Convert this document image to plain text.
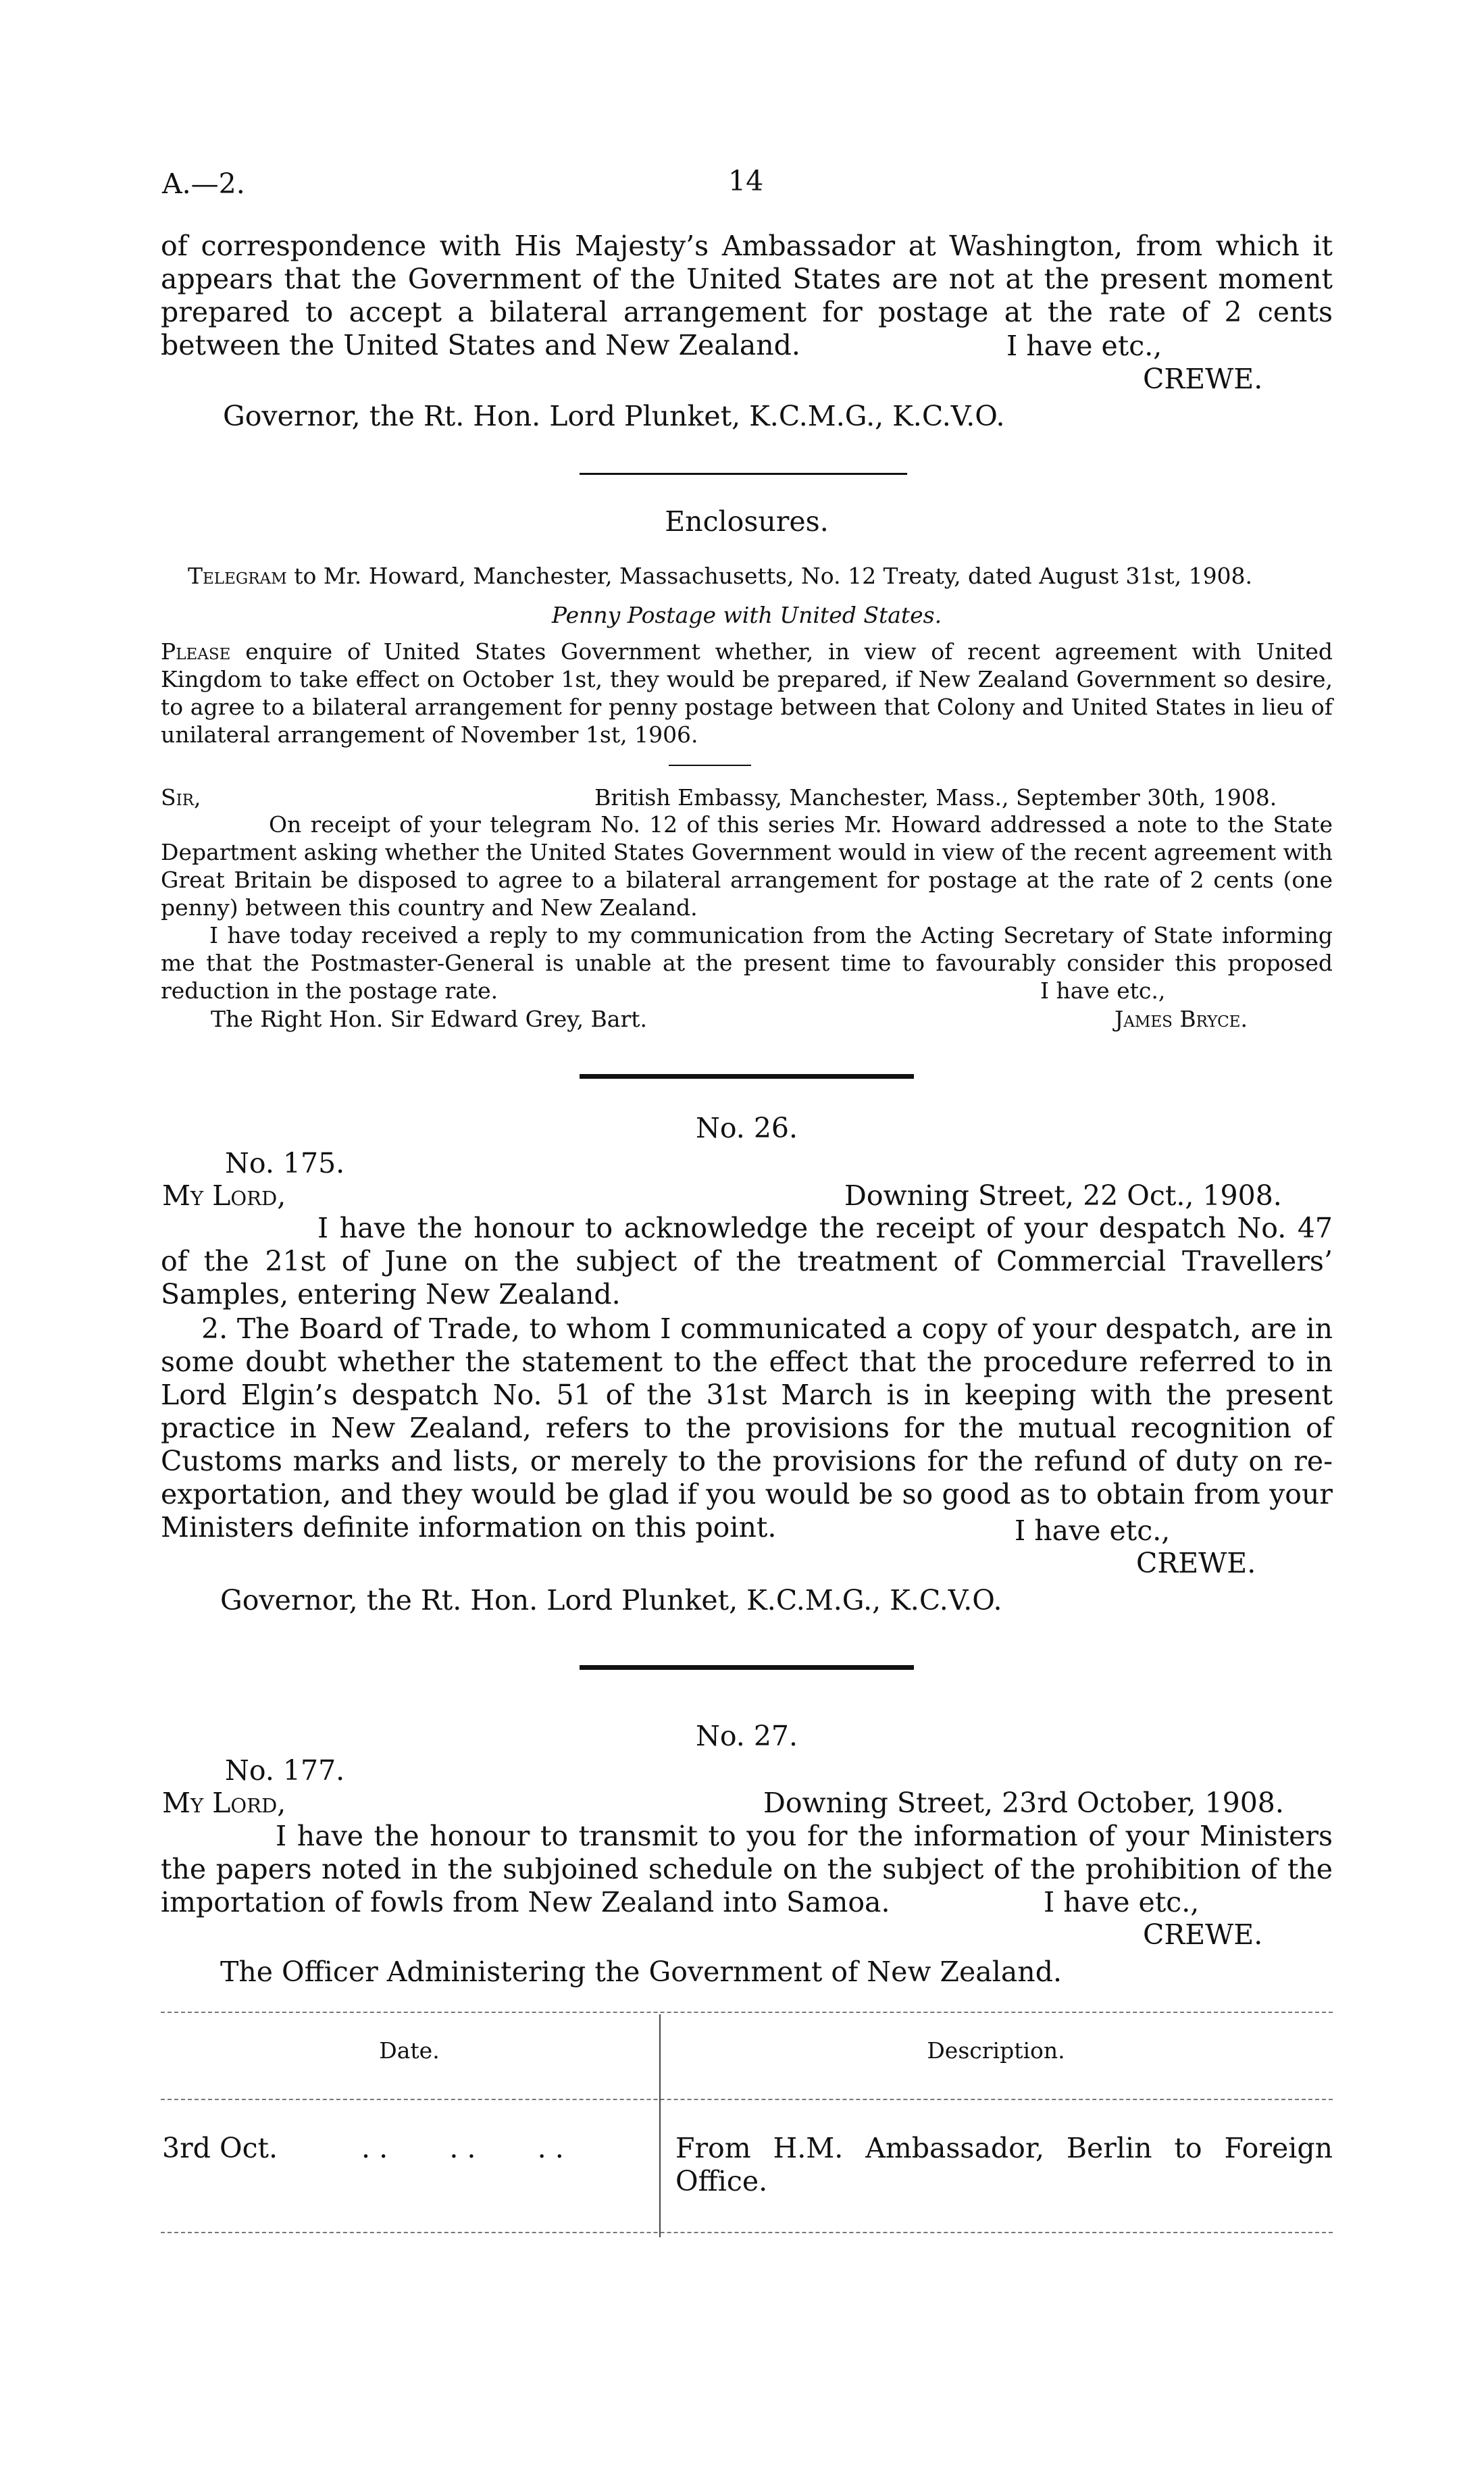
A.—2.	14
of correspondence with His Majesty’s Ambassador at Washington, from which it appears that the Government of the United States are not at the present moment prepared to accept a bilateral arrangement for postage at the rate of 2 cents between the United States and New Zealand.	I have etc.,
CREWE.
Governor, the Rt. Hon. Lord Plunket, K.C.M.G., K.C.V.O.
Enclosures.
Telegram to Mr. Howard, Manchester, Massachusetts, No. 12 Treaty, dated August 31st, 1908.
Penny Postage with United States.
Please enquire of United States Government whether, in view of recent agreement with United Kingdom to take effect on October 1st, they would be prepared, if New Zealand Government so desire, to agree to a bilateral arrangement for penny postage between that Colony and United States in lieu of unilateral arrangement of November 1st, 1906.
Sir,	British Embassy, Manchester, Mass., September 30th, 1908.
On receipt of your telegram No. 12 of this series Mr. Howard addressed a note to the State Department asking whether the United States Government would in view of the recent agreement with Great Britain be disposed to agree to a bilateral arrangement for postage at the rate of 2 cents (one penny) between this country and New Zealand.
I have today received a reply to my communication from the Acting Secretary of State informing me that the Postmaster-General is unable at the present time to favourably consider this proposed reduction in the postage rate.	I have etc.,
The Right Hon. Sir Edward Grey, Bart.	James Bryce.
No. 26.
No. 175.
My Lord,	Downing Street, 22 Oct., 1908.
I have the honour to acknowledge the receipt of your despatch No. 47 of the 21st of June on the subject of the treatment of Commercial Travellers’ Samples, entering New Zealand.
2. The Board of Trade, to whom I communicated a copy of your despatch, are in some doubt whether the statement to the effect that the procedure referred to in Lord Elgin’s despatch No. 51 of the 31st March is in keeping with the present practice in New Zealand, refers to the provisions for the mutual recognition of Customs marks and lists, or merely to the provisions for the refund of duty on re-exportation, and they would be glad if you would be so good as to obtain from your Ministers definite information on this point.	I have etc.,
CREWE.
Governor, the Rt. Hon. Lord Plunket, K.C.M.G., K.C.V.O.
No. 27.
No. 177.
My Lord,	Downing Street, 23rd October, 1908.
I have the honour to transmit to you for the information of your Ministers the papers noted in the subjoined schedule on the subject of the prohibition of the importation of fowls from New Zealand into Samoa.	I have etc.,
CREWE.
The Officer Administering the Government of New Zealand.
Date.	Description.
3rd Oct.	. .       . .       . .	From H.M. Ambassador, Berlin to Foreign Office.
